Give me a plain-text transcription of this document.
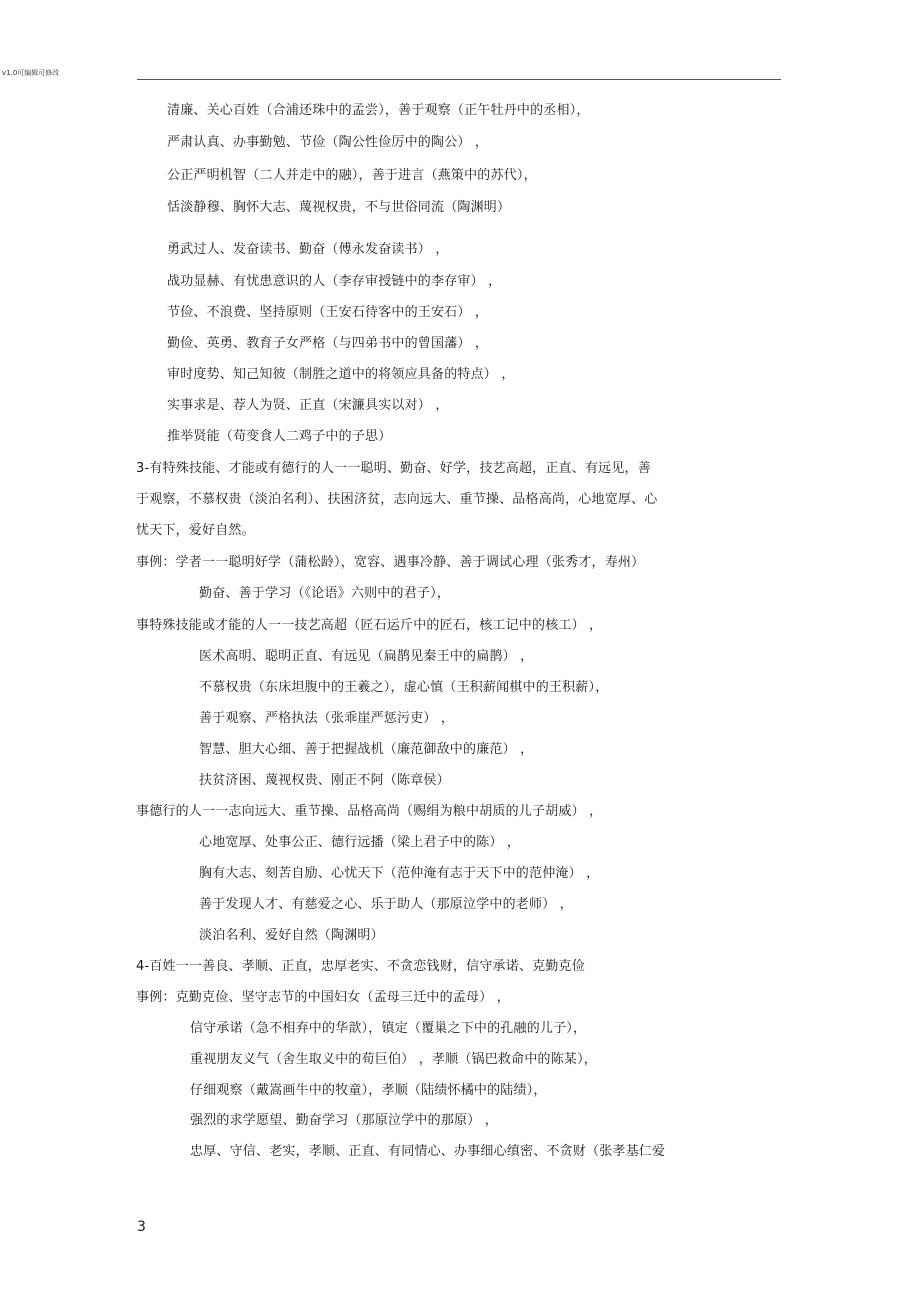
v1.0可编辑可修改
清廉、关心百姓（合浦还珠中的孟尝），善于观察（正午牡丹中的丞相），
严肃认真、办事勤勉、节俭（陶公性俭厉中的陶公） ，
公正严明机智（二人并走中的融），善于进言（燕策中的苏代），
恬淡静穆、胸怀大志、蔑视权贵，不与世俗同流（陶渊明）
勇武过人、发奋读书、勤奋（傅永发奋读书） ，
战功显赫、有忧患意识的人（李存审授链中的李存审） ，
节俭、不浪费、坚持原则（王安石待客中的王安石） ，
勤俭、英勇、教育子女严格（与四弟书中的曾国藩） ，
审时度势、知己知彼（制胜之道中的将领应具备的特点） ，
实事求是、荐人为贤、正直（宋濂具实以对） ，
推举贤能（苟变食人二鸡子中的子思）
3-有特殊技能、才能或有德行的人一一聪明、勤奋、好学，技艺高超，正直、有远见，善
于观察，不慕权贵（淡泊名利）、扶困济贫，志向远大、重节操、品格高尚，心地宽厚、心
忧天下，爱好自然。
事例：学者一一聪明好学（蒲松龄），宽容、遇事冷静、善于调试心理（张秀才，寿州）
勤奋、善于学习（《论语》六则中的君子），
事特殊技能或才能的人一一技艺高超（匠石运斤中的匠石，核工记中的核工） ，
医术高明、聪明正直、有远见（扁鹊见秦王中的扁鹊） ，
不慕权贵（东床坦腹中的王羲之），虚心慎（王积薪闻棋中的王积薪），
善于观察、严格执法（张乖崖严惩污吏） ，
智慧、胆大心细、善于把握战机（廉范御敌中的廉范） ，
扶贫济困、蔑视权贵、刚正不阿（陈章侯）
事德行的人一一志向远大、重节操、品格高尚（赐绢为粮中胡质的儿子胡威） ，
心地宽厚、处事公正、德行远播（梁上君子中的陈） ，
胸有大志、刻苦自励、心忧天下（范仲淹有志于天下中的范仲淹） ，
善于发现人才、有慈爱之心、乐于助人（那原泣学中的老师） ，
淡泊名利、爱好自然（陶渊明）
4-百姓一一善良、孝顺、正直，忠厚老实、不贪恋钱财，信守承诺、克勤克俭
事例：克勤克俭、坚守志节的中国妇女（孟母三迁中的孟母） ，
信守承诺（急不相弃中的华歆），镇定（覆巢之下中的孔融的儿子），
重视朋友义气（舍生取义中的荀巨伯） ，孝顺（锅巴救命中的陈某），
仔细观察（戴嵩画牛中的牧童），孝顺（陆绩怀橘中的陆绩），
强烈的求学愿望、勤奋学习（那原泣学中的那原） ，
忠厚、守信、老实，孝顺、正直、有同情心、办事细心缜密、不贪财（张孝基仁爱
3
